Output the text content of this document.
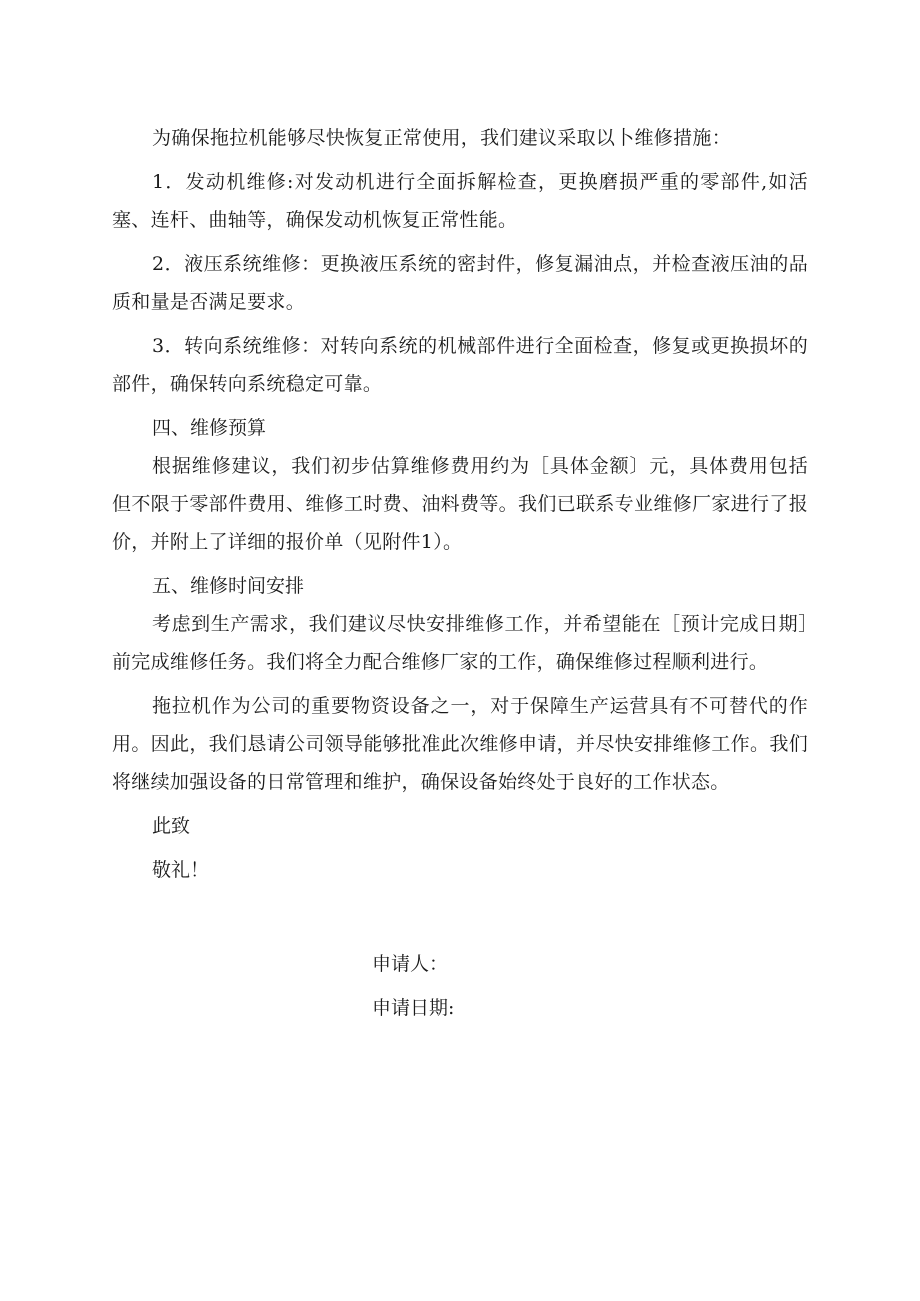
为确保拖拉机能够尽快恢复正常使用，我们建议采取以卜维修措施：

1．发动机维修:对发动机进行全面拆解检查，更换磨损严重的零部件,如活塞、连杆、曲轴等，确保发动机恢复正常性能。

2．液压系统维修：更换液压系统的密封件，修复漏油点，并检查液压油的品质和量是否满足要求。

3．转向系统维修：对转向系统的机械部件进行全面检查，修复或更换损坏的部件，确保转向系统稳定可靠。

四、维修预算

根据维修建议，我们初步估算维修费用约为［具体金额〕元，具体费用包括但不限于零部件费用、维修工时费、油料费等。我们已联系专业维修厂家进行了报价，并附上了详细的报价单（见附件1）。

五、维修时间安排

考虑到生产需求，我们建议尽快安排维修工作，并希望能在［预计完成日期］前完成维修任务。我们将全力配合维修厂家的工作，确保维修过程顺利进行。

拖拉机作为公司的重要物资设备之一，对于保障生产运营具有不可替代的作用。因此，我们恳请公司领导能够批准此次维修申请，并尽快安排维修工作。我们将继续加强设备的日常管理和维护，确保设备始终处于良好的工作状态。

此致

敬礼！

申请人：

申请日期:
